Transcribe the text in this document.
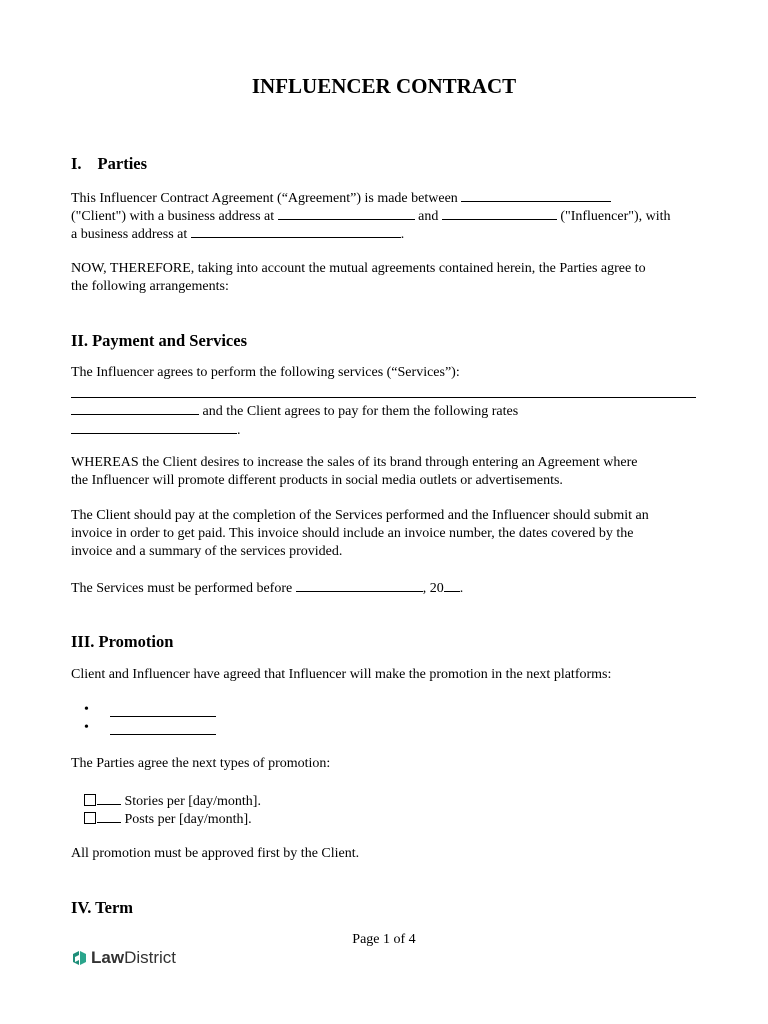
INFLUENCER CONTRACT
I. Parties
This Influencer Contract Agreement (“Agreement”) is made between
("Client") with a business address at	and	("Influencer"), with
a business address at	.
NOW, THEREFORE, taking into account the mutual agreements contained herein, the Parties agree to
the following arrangements:
II. Payment and Services
The Influencer agrees to perform the following services (“Services”):
and the Client agrees to pay for them the following rates
.
WHEREAS the Client desires to increase the sales of its brand through entering an Agreement where
the Influencer will promote different products in social media outlets or advertisements.
The Client should pay at the completion of the Services performed and the Influencer should submit an
invoice in order to get paid. This invoice should include an invoice number, the dates covered by the
invoice and a summary of the services provided.
The Services must be performed before	, 20 .
III. Promotion
Client and Influencer have agreed that Influencer will make the promotion in the next platforms:
•
•
The Parties agree the next types of promotion:
Stories per [day/month].
Posts per [day/month].
All promotion must be approved first by the Client.
IV. Term
Page 1 of 4
LawDistrict
